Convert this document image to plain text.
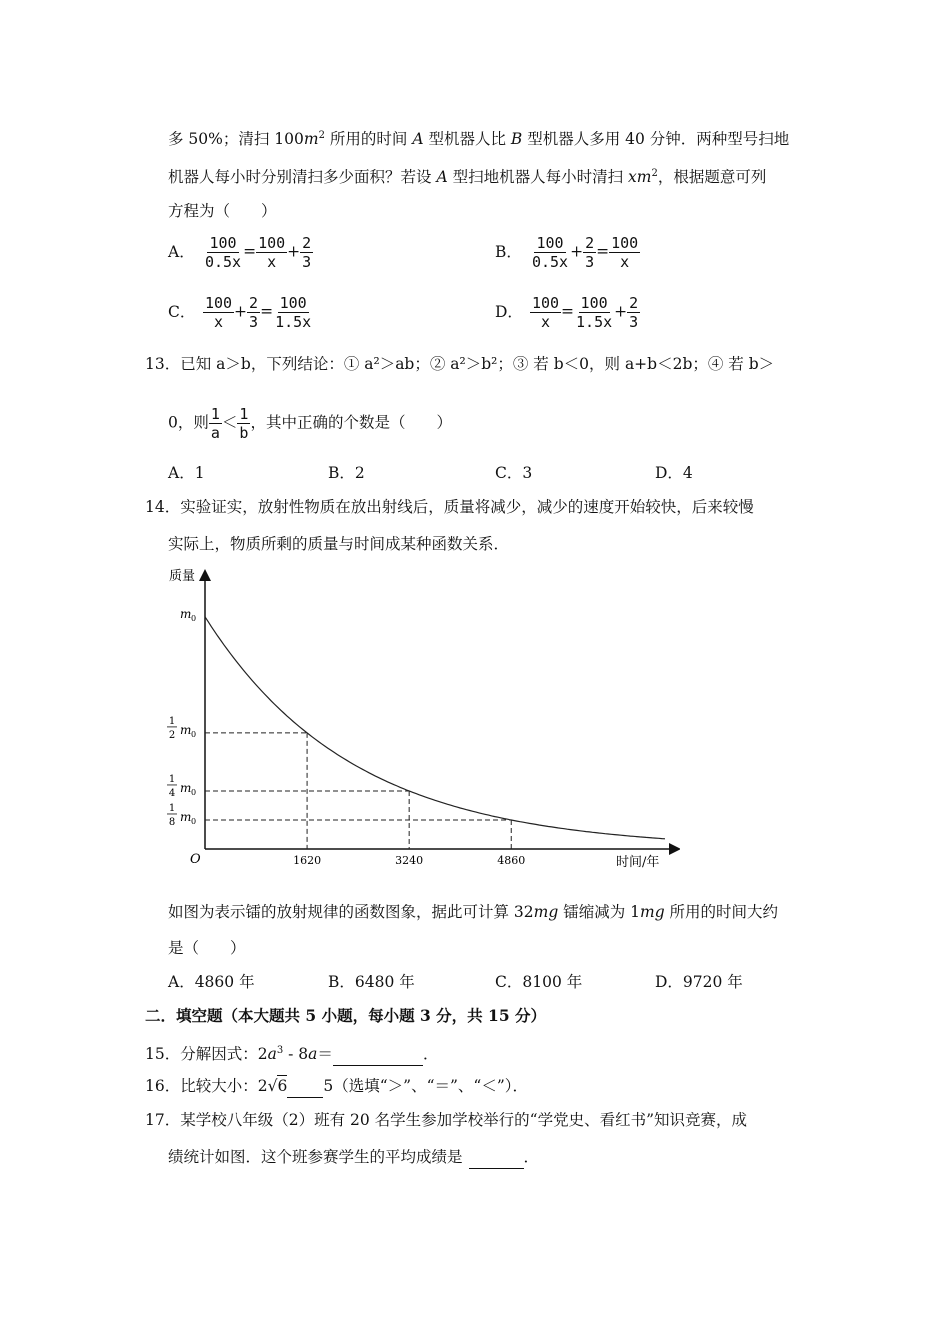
多 50%；清扫 $100m^2$ 所用的时间 A 型机器人比 B 型机器人多用 40 分钟．两种型号扫地
机器人每小时分别清扫多少面积？若设 A 型扫地机器人每小时清扫 $xm^2$，根据题意可列
方程为（　　）
A． $\frac{100}{0.5x} = \frac{100}{x} + \frac{2}{3}$	B． $\frac{100}{0.5x} + \frac{2}{3} = \frac{100}{x}$
C． $\frac{100}{x} + \frac{2}{3} = \frac{100}{1.5x}$	D． $\frac{100}{x} = \frac{100}{1.5x} + \frac{2}{3}$
13．已知 a＞b，下列结论：① a²＞ab；② a²＞b²；③ 若 b＜0，则 a+b＜2b；④ 若 b＞
0，则 $\frac{1}{a} < \frac{1}{b}$ ，其中正确的个数是（　　）
A．1	B．2	C．3	D．4
14．实验证实，放射性物质在放出射线后，质量将减少，减少的速度开始较快，后来较慢
实际上，物质所剩的质量与时间成某种函数关系．
质量
时间/年
O
m 0
1
2 m 0
1
4 m 0
1
8 m 0
1620	3240	4860
如图为表示镭的放射规律的函数图象，据此可计算 32mg 镭缩减为 1mg 所用的时间大约
是（　　）
A．4860 年	B．6480 年	C．8100 年	D．9720 年
二．填空题（本大题共 5 小题，每小题 3 分，共 15 分）
15．分解因式：$2a^3 - 8a=$	．
16．比较大小：2√6 5（选填“＞”、“＝”、“＜”）．
17．某学校八年级（2）班有 20 名学生参加学校举行的“学党史、看红书”知识竞赛，成
绩统计如图．这个班参赛学生的平均成绩是	．
